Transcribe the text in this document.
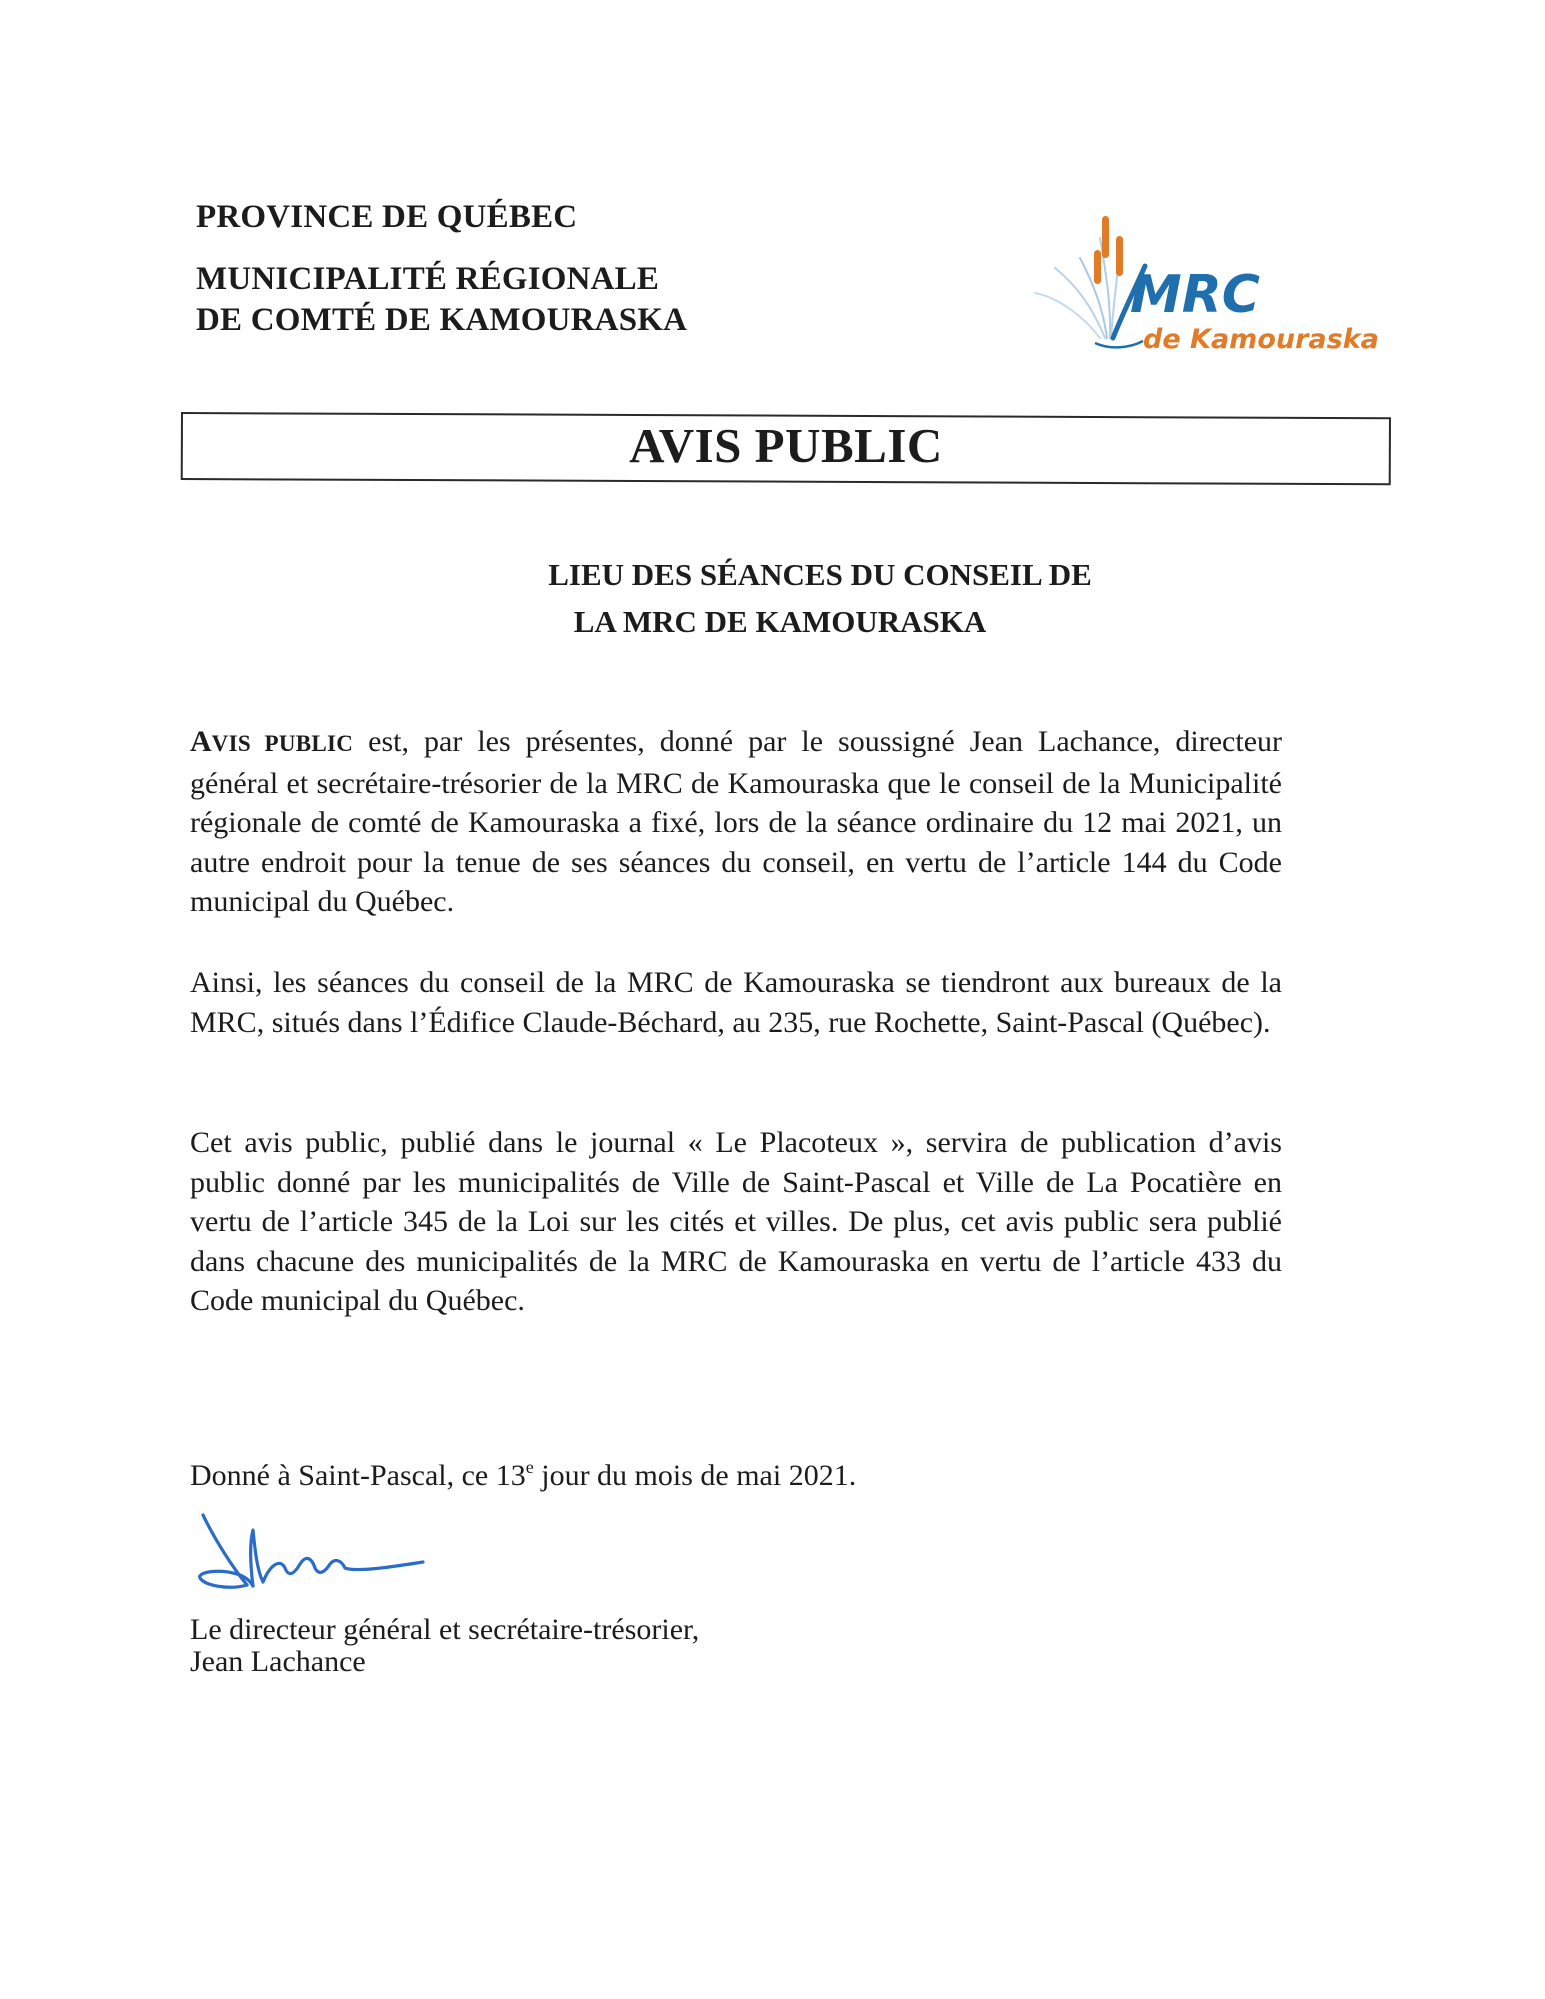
PROVINCE DE QUÉBEC
MUNICIPALITÉ RÉGIONALE
DE COMTÉ DE KAMOURASKA	MRC
de Kamouraska
AVIS PUBLIC
LIEU DES SÉANCES DU CONSEIL DE
LA MRC DE KAMOURASKA
AVIS PUBLIC est, par les présentes, donné par le soussigné Jean Lachance, directeur général et secrétaire-trésorier de la MRC de Kamouraska que le conseil de la Municipalité régionale de comté de Kamouraska a fixé, lors de la séance ordinaire du 12 mai 2021, un autre endroit pour la tenue de ses séances du conseil, en vertu de l’article 144 du Code municipal du Québec.
Ainsi, les séances du conseil de la MRC de Kamouraska se tiendront aux bureaux de la MRC, situés dans l’Édifice Claude-Béchard, au 235, rue Rochette, Saint-Pascal (Québec).
Cet avis public, publié dans le journal « Le Placoteux », servira de publication d’avis public donné par les municipalités de Ville de Saint-Pascal et Ville de La Pocatière en vertu de l’article 345 de la Loi sur les cités et villes. De plus, cet avis public sera publié dans chacune des municipalités de la MRC de Kamouraska en vertu de l’article 433 du Code municipal du Québec.
Donné à Saint-Pascal, ce 13e jour du mois de mai 2021.
Le directeur général et secrétaire-trésorier,
Jean Lachance
